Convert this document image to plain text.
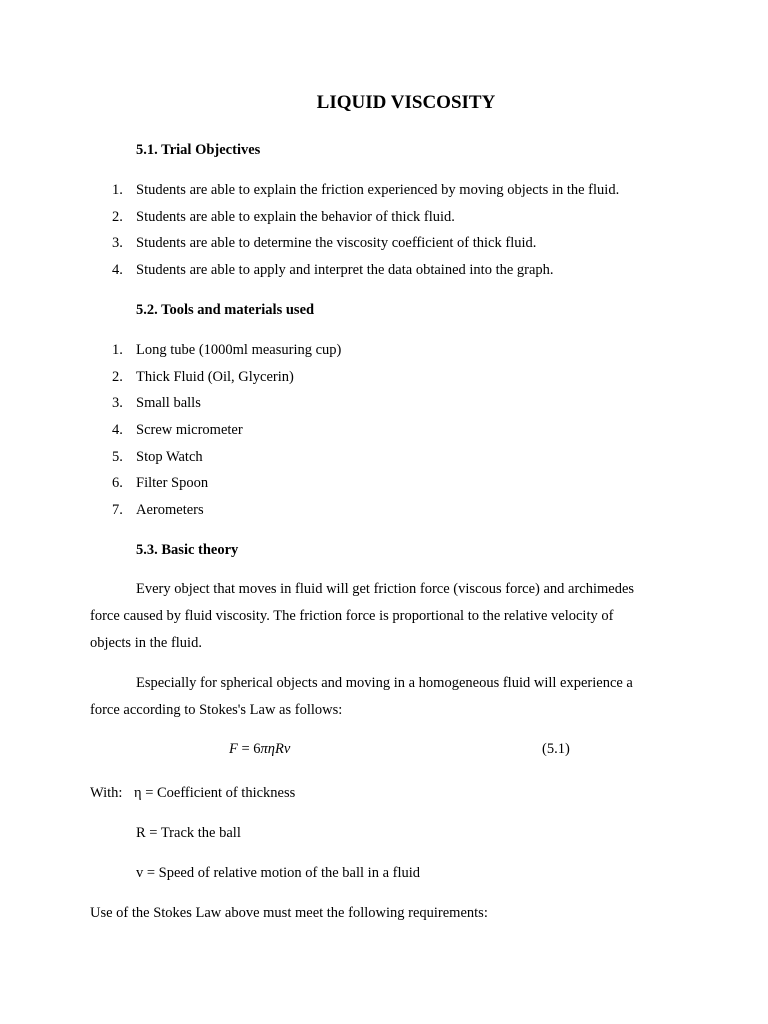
LIQUID VISCOSITY
5.1. Trial Objectives
1. Students are able to explain the friction experienced by moving objects in the fluid.
2. Students are able to explain the behavior of thick fluid.
3. Students are able to determine the viscosity coefficient of thick fluid.
4. Students are able to apply and interpret the data obtained into the graph.
5.2. Tools and materials used
1. Long tube (1000ml measuring cup)
2. Thick Fluid (Oil, Glycerin)
3. Small balls
4. Screw micrometer
5. Stop Watch
6. Filter Spoon
7. Aerometers
5.3. Basic theory
Every object that moves in fluid will get friction force (viscous force) and archimedes
force caused by fluid viscosity. The friction force is proportional to the relative velocity of
objects in the fluid.
Especially for spherical objects and moving in a homogeneous fluid will experience a
force according to Stokes's Law as follows:
F = 6πηRv	(5.1)
With: η = Coefficient of thickness
R = Track the ball
v = Speed of relative motion of the ball in a fluid
Use of the Stokes Law above must meet the following requirements:
